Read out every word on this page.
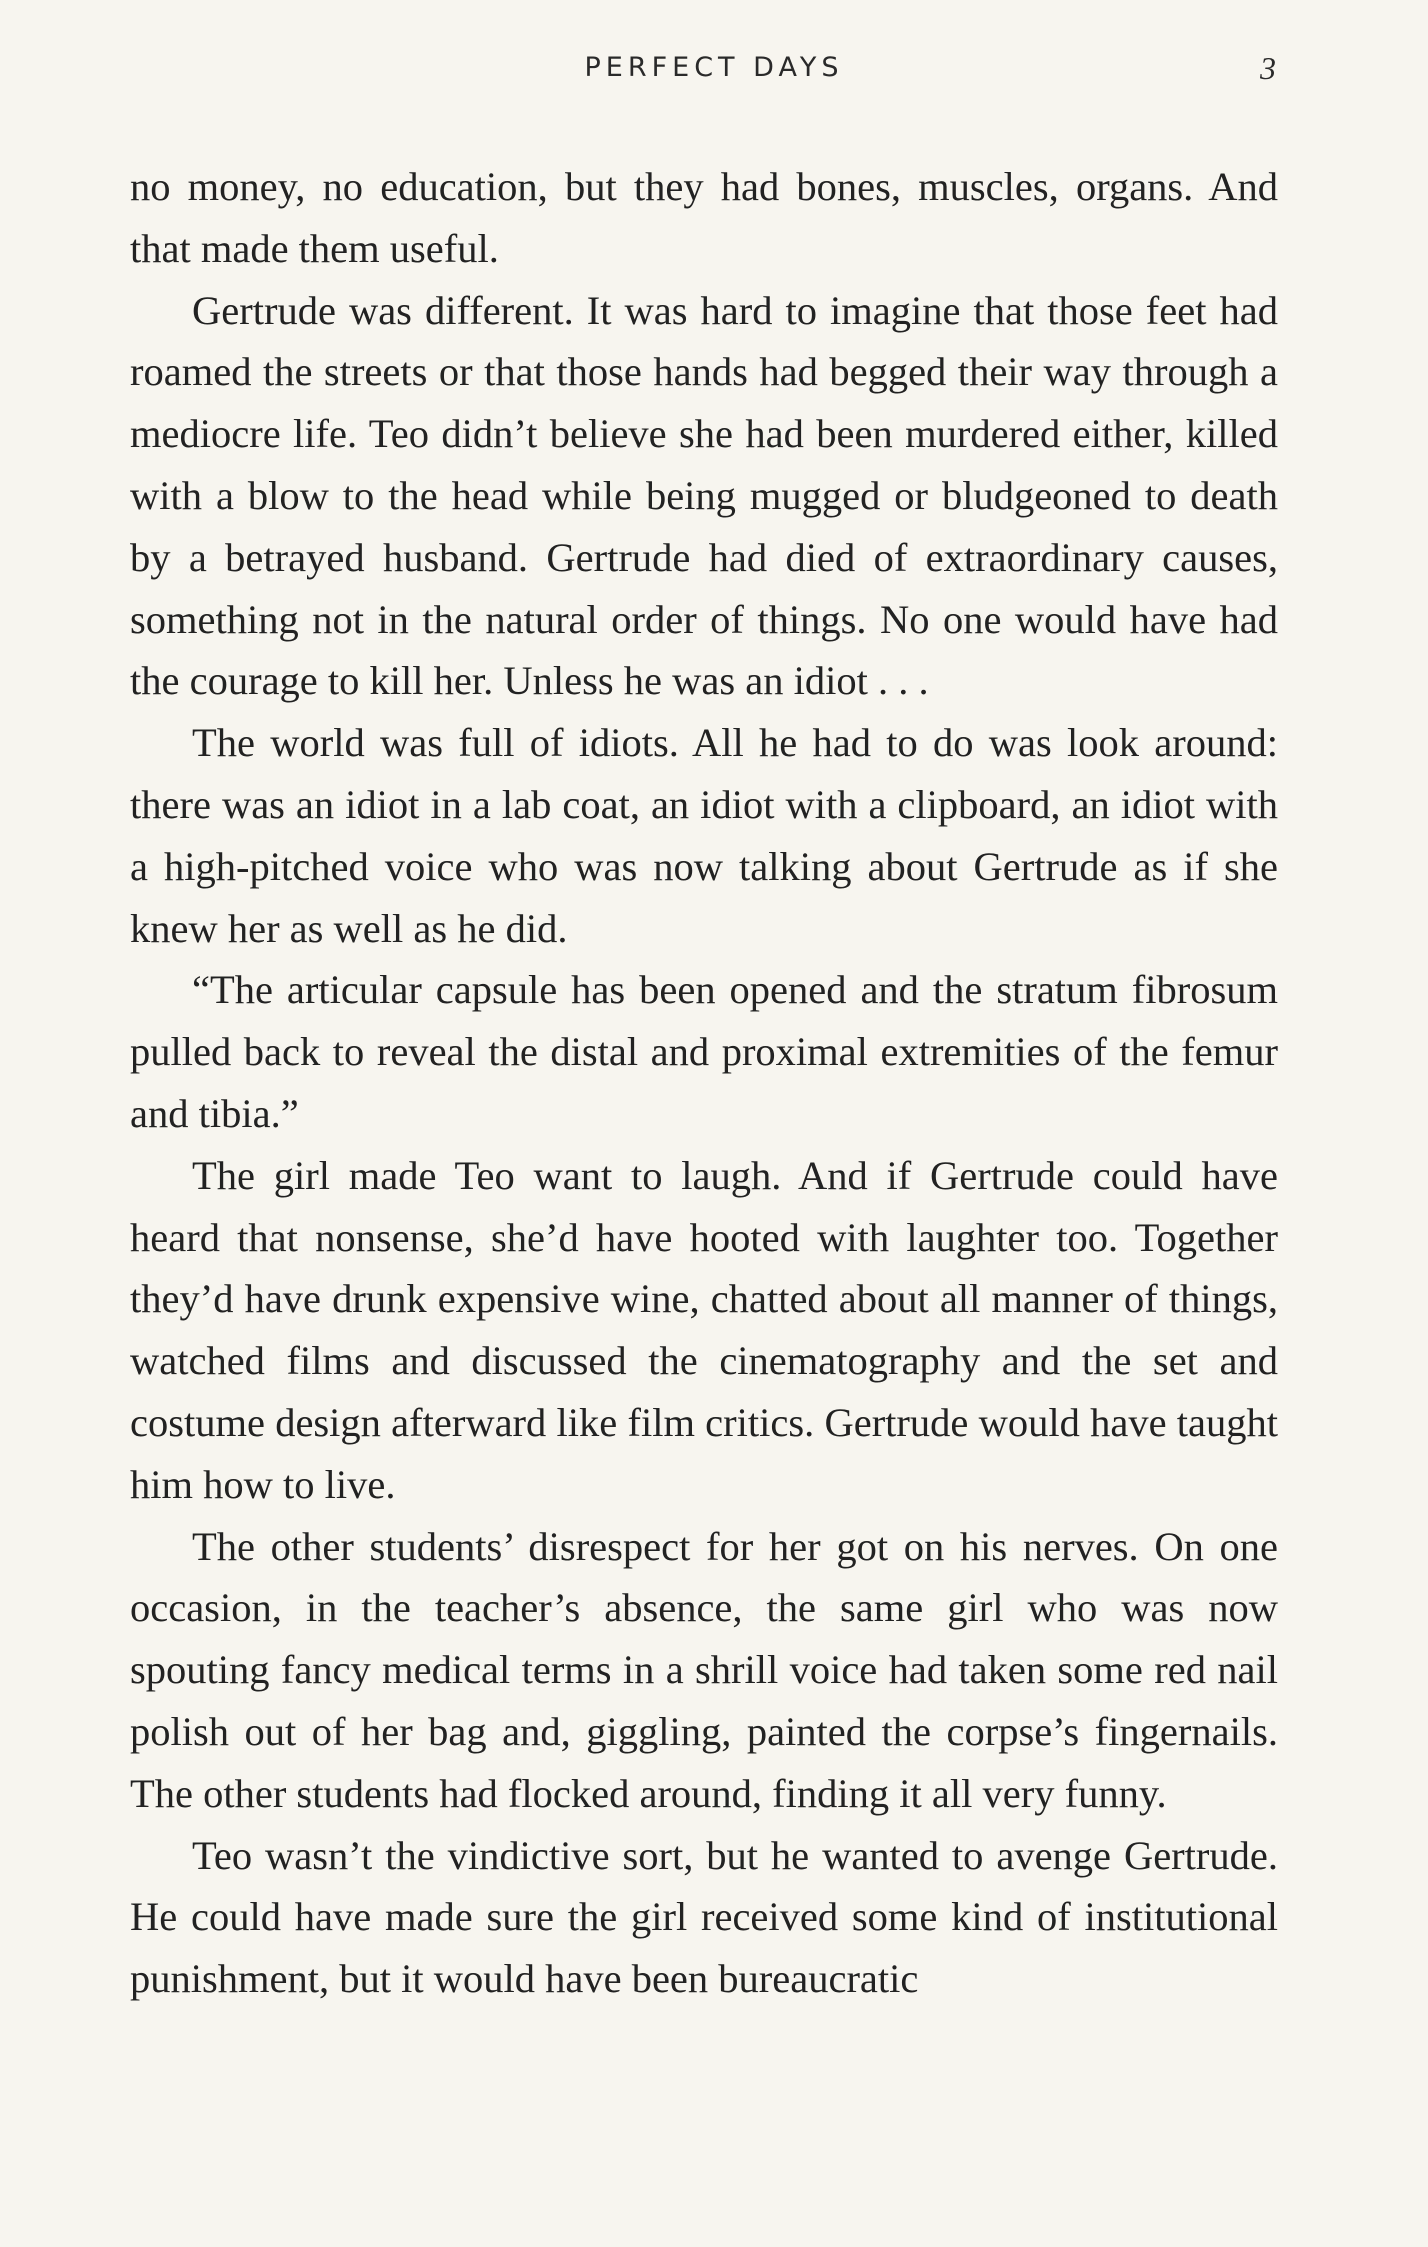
PERFECT DAYS	3

no money, no education, but they had bones, muscles, organs. And that made them useful.

Gertrude was different. It was hard to imagine that those feet had roamed the streets or that those hands had begged their way through a mediocre life. Teo didn’t believe she had been murdered either, killed with a blow to the head while being mugged or bludgeoned to death by a betrayed husband. Gertrude had died of extraordinary causes, something not in the natural order of things. No one would have had the courage to kill her. Unless he was an idiot . . .

The world was full of idiots. All he had to do was look around: there was an idiot in a lab coat, an idiot with a clipboard, an idiot with a high-pitched voice who was now talking about Gertrude as if she knew her as well as he did.

“The articular capsule has been opened and the stratum fibrosum pulled back to reveal the distal and proximal extremities of the femur and tibia.”

The girl made Teo want to laugh. And if Gertrude could have heard that nonsense, she’d have hooted with laughter too. Together they’d have drunk expensive wine, chatted about all manner of things, watched films and discussed the cinematography and the set and costume design afterward like film critics. Gertrude would have taught him how to live.

The other students’ disrespect for her got on his nerves. On one occasion, in the teacher’s absence, the same girl who was now spouting fancy medical terms in a shrill voice had taken some red nail polish out of her bag and, giggling, painted the corpse’s fingernails. The other students had flocked around, finding it all very funny.

Teo wasn’t the vindictive sort, but he wanted to avenge Gertrude. He could have made sure the girl received some kind of institutional punishment, but it would have been bureaucratic
